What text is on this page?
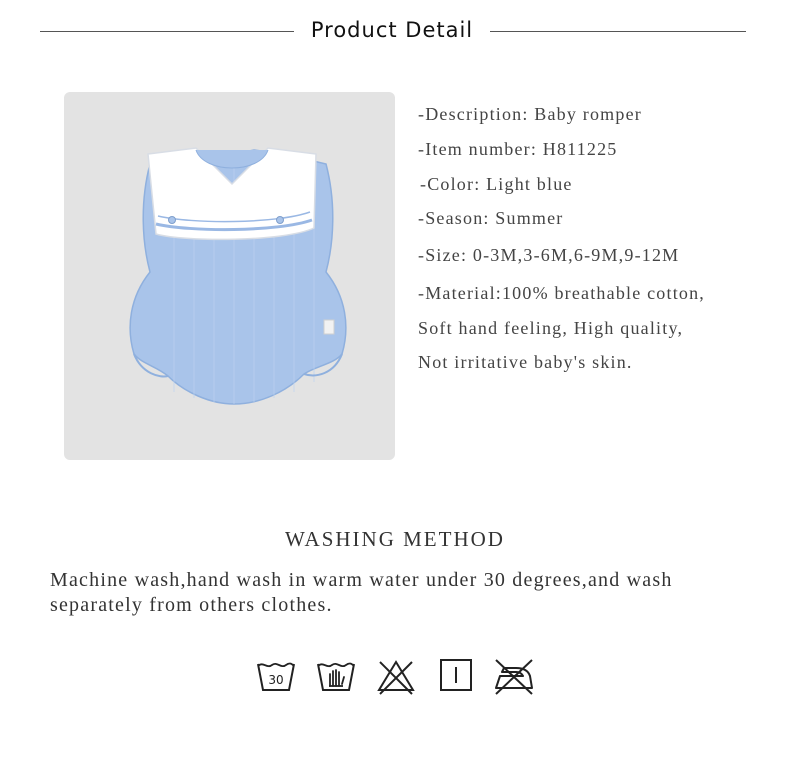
Product Detail
-Description: Baby romper
-Item number: H811225
-Color: Light blue
-Season: Summer
-Size: 0-3M,3-6M,6-9M,9-12M
-Material:100% breathable cotton,
Soft hand feeling, High quality,
Not irritative baby's skin.
WASHING METHOD
Machine wash,hand wash in warm water under 30 degrees,and wash separately from others clothes.
30
